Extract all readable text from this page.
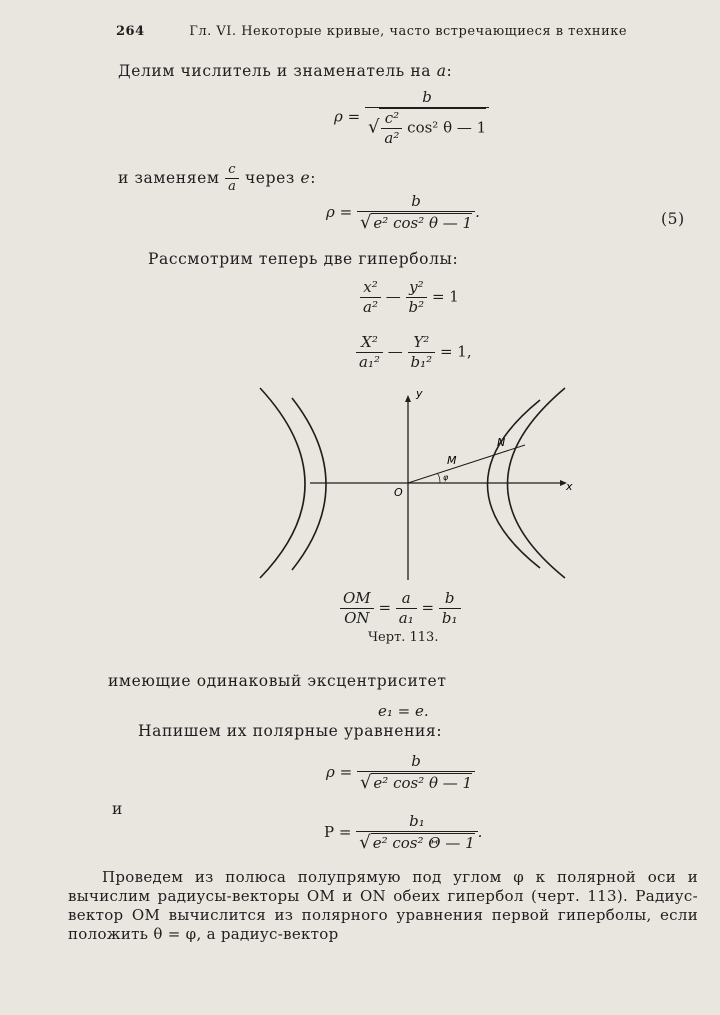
264	Гл. VI. Некоторые кривые, часто встречающиеся в технике
Делим числитель и знаменатель на a:
$\rho = \frac{b}{√ \frac{\text{c²}}{\text{a²}} \cos^2 \theta — 1}$
и заменяем $\frac{c}{a}$ через e:
$\rho = \frac{b}{\text{√ e² cos² θ — 1}}$ .	(5)
Рассмотрим теперь две гиперболы:
$\frac{\text{x²}}{\text{a²}}$ — $\frac{\text{y²}}{\text{b²}} = 1$
$\frac{\text{X²}}{\text{a₁²}}$ — $\frac{\text{Y²}}{\text{b₁²}} = 1$,
y
x
O
M
N
φ
$\frac{OM}{ON} = \frac{a}{\text{a₁}} = \frac{b}{\text{b₁}}$
Черт. 113.
имеющие одинаковый эксцентриситет
e₁ = e.
Напишем их полярные уравнения:
$\rho = \frac{b}{\text{√ e² cos² θ — 1}}$
и
$P = \frac{\text{b₁}}{\text{√ e² cos² Θ — 1}}$ .
Проведем из полюса полупрямую под углом φ к полярной оси и вычислим радиусы-векторы OM и ON обеих гипербол (черт. 113). Радиус-вектор OM вычислится из полярного уравнения первой гиперболы, если положить θ = φ, а радиус-вектор
